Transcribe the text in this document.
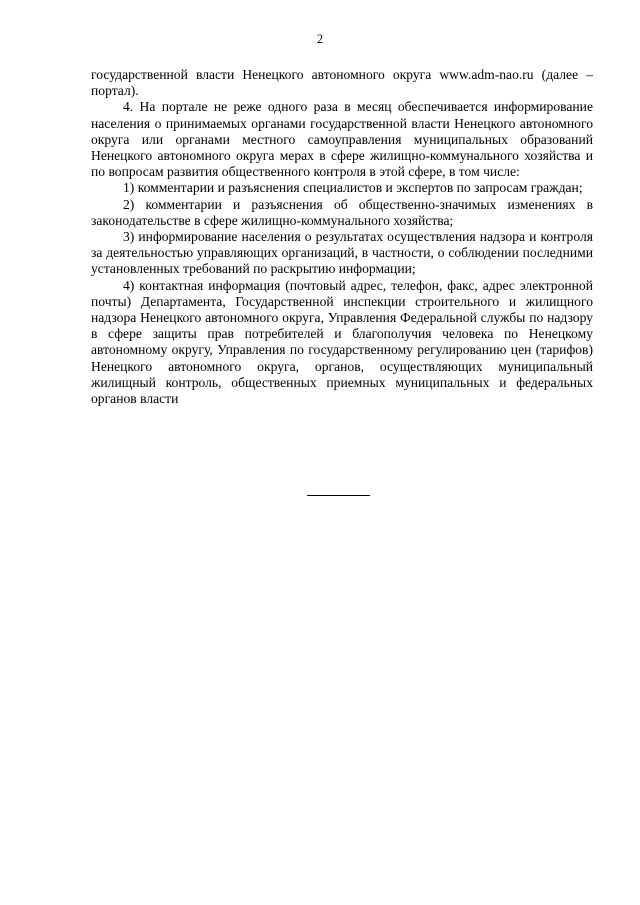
2

государственной власти Ненецкого автономного округа www.adm-nao.ru (далее – портал).

4. На портале не реже одного раза в месяц обеспечивается информирование населения о принимаемых органами государственной власти Ненецкого автономного округа или органами местного самоуправления муниципальных образований Ненецкого автономного округа мерах в сфере жилищно-коммунального хозяйства и по вопросам развития общественного контроля в этой сфере, в том числе:

1) комментарии и разъяснения специалистов и экспертов по запросам граждан;

2) комментарии и разъяснения об общественно-значимых изменениях в законодательстве в сфере жилищно-коммунального хозяйства;

3) информирование населения о результатах осуществления надзора и контроля за деятельностью управляющих организаций, в частности, о соблюдении последними установленных требований по раскрытию информации;

4) контактная информация (почтовый адрес, телефон, факс, адрес электронной почты) Департамента, Государственной инспекции строительного и жилищного надзора Ненецкого автономного округа, Управления Федеральной службы по надзору в сфере защиты прав потребителей и благополучия человека по Ненецкому автономному округу, Управления по государственному регулированию цен (тарифов) Ненецкого автономного округа, органов, осуществляющих муниципальный жилищный контроль, общественных приемных муниципальных и федеральных органов власти
